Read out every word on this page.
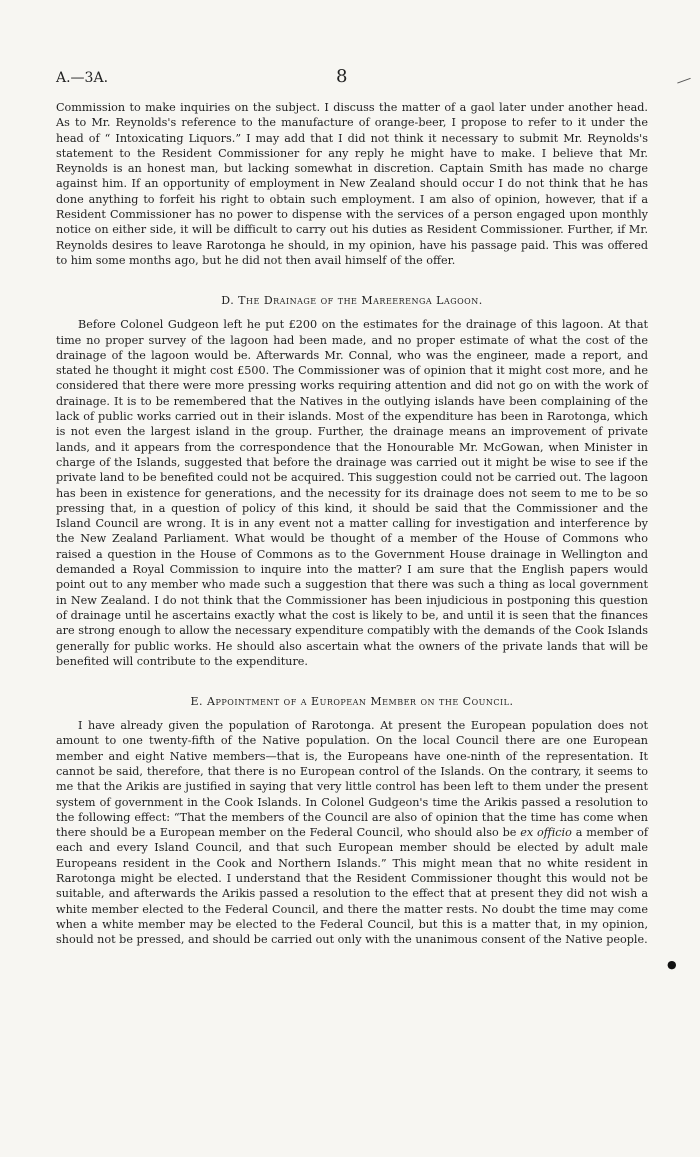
A.—3A.	8

Commission to make inquiries on the subject. I discuss the matter of a gaol later under another head. As to Mr. Reynolds's reference to the manufacture of orange-beer, I propose to refer to it under the head of “ Intoxicating Liquors.” I may add that I did not think it necessary to submit Mr. Reynolds's statement to the Resident Commissioner for any reply he might have to make. I believe that Mr. Reynolds is an honest man, but lacking somewhat in discretion. Captain Smith has made no charge against him. If an opportunity of employment in New Zealand should occur I do not think that he has done anything to forfeit his right to obtain such employment. I am also of opinion, however, that if a Resident Commissioner has no power to dispense with the services of a person engaged upon monthly notice on either side, it will be difficult to carry out his duties as Resident Commissioner. Further, if Mr. Reynolds desires to leave Rarotonga he should, in my opinion, have his passage paid. This was offered to him some months ago, but he did not then avail himself of the offer.

D. The Drainage of the Mareerenga Lagoon.

Before Colonel Gudgeon left he put £200 on the estimates for the drainage of this lagoon. At that time no proper survey of the lagoon had been made, and no proper estimate of what the cost of the drainage of the lagoon would be. Afterwards Mr. Connal, who was the engineer, made a report, and stated he thought it might cost £500. The Commissioner was of opinion that it might cost more, and he considered that there were more pressing works requiring attention and did not go on with the work of drainage. It is to be remembered that the Natives in the outlying islands have been complaining of the lack of public works carried out in their islands. Most of the expenditure has been in Rarotonga, which is not even the largest island in the group. Further, the drainage means an improvement of private lands, and it appears from the correspondence that the Honourable Mr. McGowan, when Minister in charge of the Islands, suggested that before the drainage was carried out it might be wise to see if the private land to be benefited could not be acquired. This suggestion could not be carried out. The lagoon has been in existence for generations, and the necessity for its drainage does not seem to me to be so pressing that, in a question of policy of this kind, it should be said that the Commissioner and the Island Council are wrong. It is in any event not a matter calling for investigation and interference by the New Zealand Parliament. What would be thought of a member of the House of Commons who raised a question in the House of Commons as to the Government House drainage in Wellington and demanded a Royal Commission to inquire into the matter? I am sure that the English papers would point out to any member who made such a suggestion that there was such a thing as local government in New Zealand. I do not think that the Commissioner has been injudicious in postponing this question of drainage until he ascertains exactly what the cost is likely to be, and until it is seen that the finances are strong enough to allow the necessary expenditure compatibly with the demands of the Cook Islands generally for public works. He should also ascertain what the owners of the private lands that will be benefited will contribute to the expenditure.

E. Appointment of a European Member on the Council.

I have already given the population of Rarotonga. At present the European population does not amount to one twenty-fifth of the Native population. On the local Council there are one European member and eight Native members—that is, the Europeans have one-ninth of the representation. It cannot be said, therefore, that there is no European control of the Islands. On the contrary, it seems to me that the Arikis are justified in saying that very little control has been left to them under the present system of government in the Cook Islands. In Colonel Gudgeon's time the Arikis passed a resolution to the following effect: “That the members of the Council are also of opinion that the time has come when there should be a European member on the Federal Council, who should also be ex officio a member of each and every Island Council, and that such European member should be elected by adult male Europeans resident in the Cook and Northern Islands.” This might mean that no white resident in Rarotonga might be elected. I understand that the Resident Commissioner thought this would not be suitable, and afterwards the Arikis passed a resolution to the effect that at present they did not wish a white member elected to the Federal Council, and there the matter rests. No doubt the time may come when a white member may be elected to the Federal Council, but this is a matter that, in my opinion, should not be pressed, and should be carried out only with the unanimous consent of the Native people.

●
